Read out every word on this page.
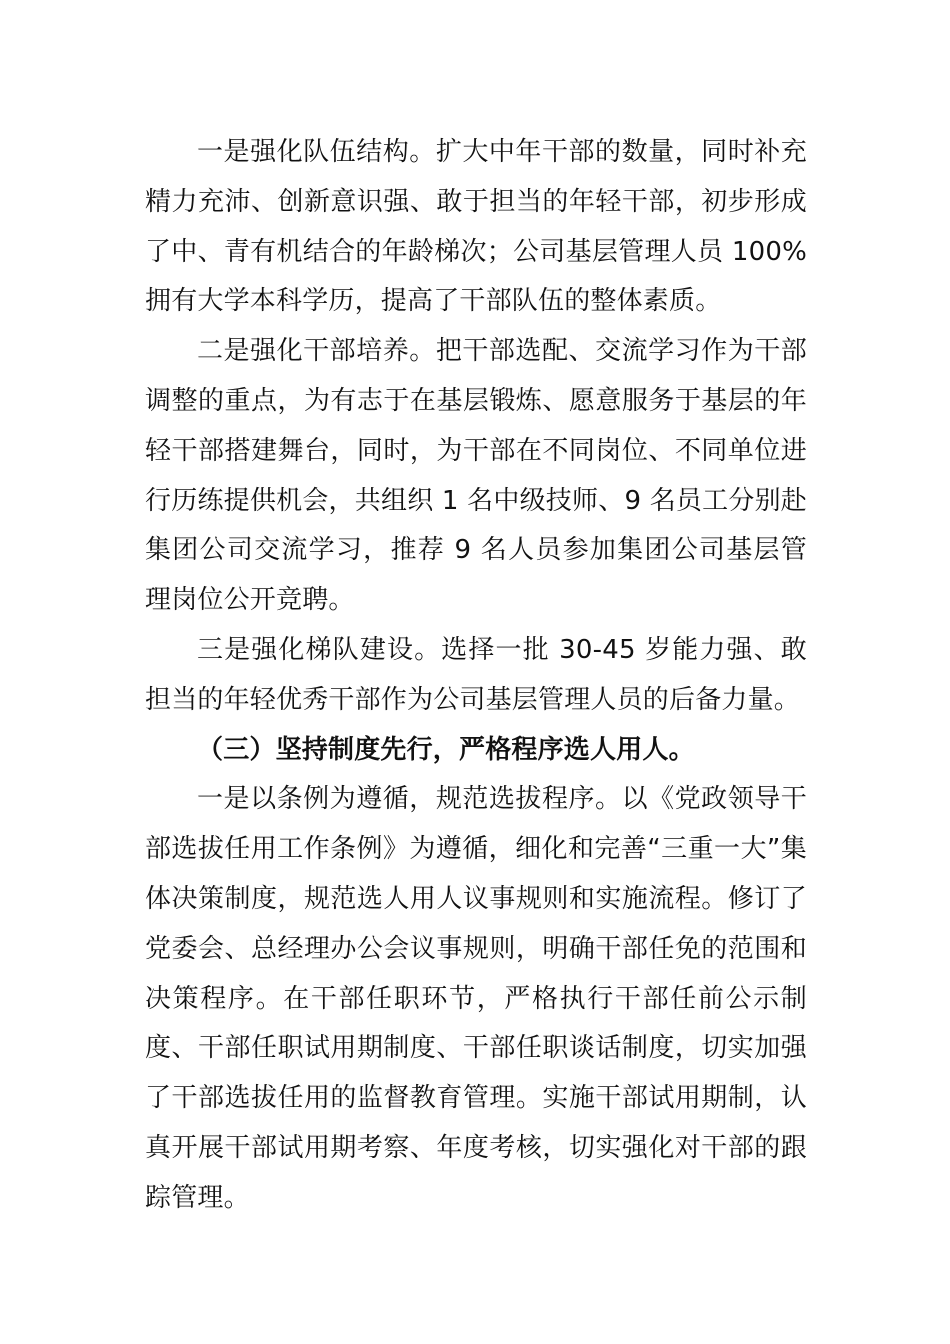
一是强化队伍结构。扩大中年干部的数量，同时补充精力充沛、创新意识强、敢于担当的年轻干部，初步形成了中、青有机结合的年龄梯次；公司基层管理人员 100%拥有大学本科学历，提高了干部队伍的整体素质。

二是强化干部培养。把干部选配、交流学习作为干部调整的重点，为有志于在基层锻炼、愿意服务于基层的年轻干部搭建舞台，同时，为干部在不同岗位、不同单位进行历练提供机会，共组织 1 名中级技师、9 名员工分别赴集团公司交流学习，推荐 9 名人员参加集团公司基层管理岗位公开竞聘。

三是强化梯队建设。选择一批 30-45 岁能力强、敢担当的年轻优秀干部作为公司基层管理人员的后备力量。

（三）坚持制度先行，严格程序选人用人。

一是以条例为遵循，规范选拔程序。以《党政领导干部选拔任用工作条例》为遵循，细化和完善“三重一大”集体决策制度，规范选人用人议事规则和实施流程。修订了党委会、总经理办公会议事规则，明确干部任免的范围和决策程序。在干部任职环节，严格执行干部任前公示制度、干部任职试用期制度、干部任职谈话制度，切实加强了干部选拔任用的监督教育管理。实施干部试用期制，认真开展干部试用期考察、年度考核，切实强化对干部的跟踪管理。
